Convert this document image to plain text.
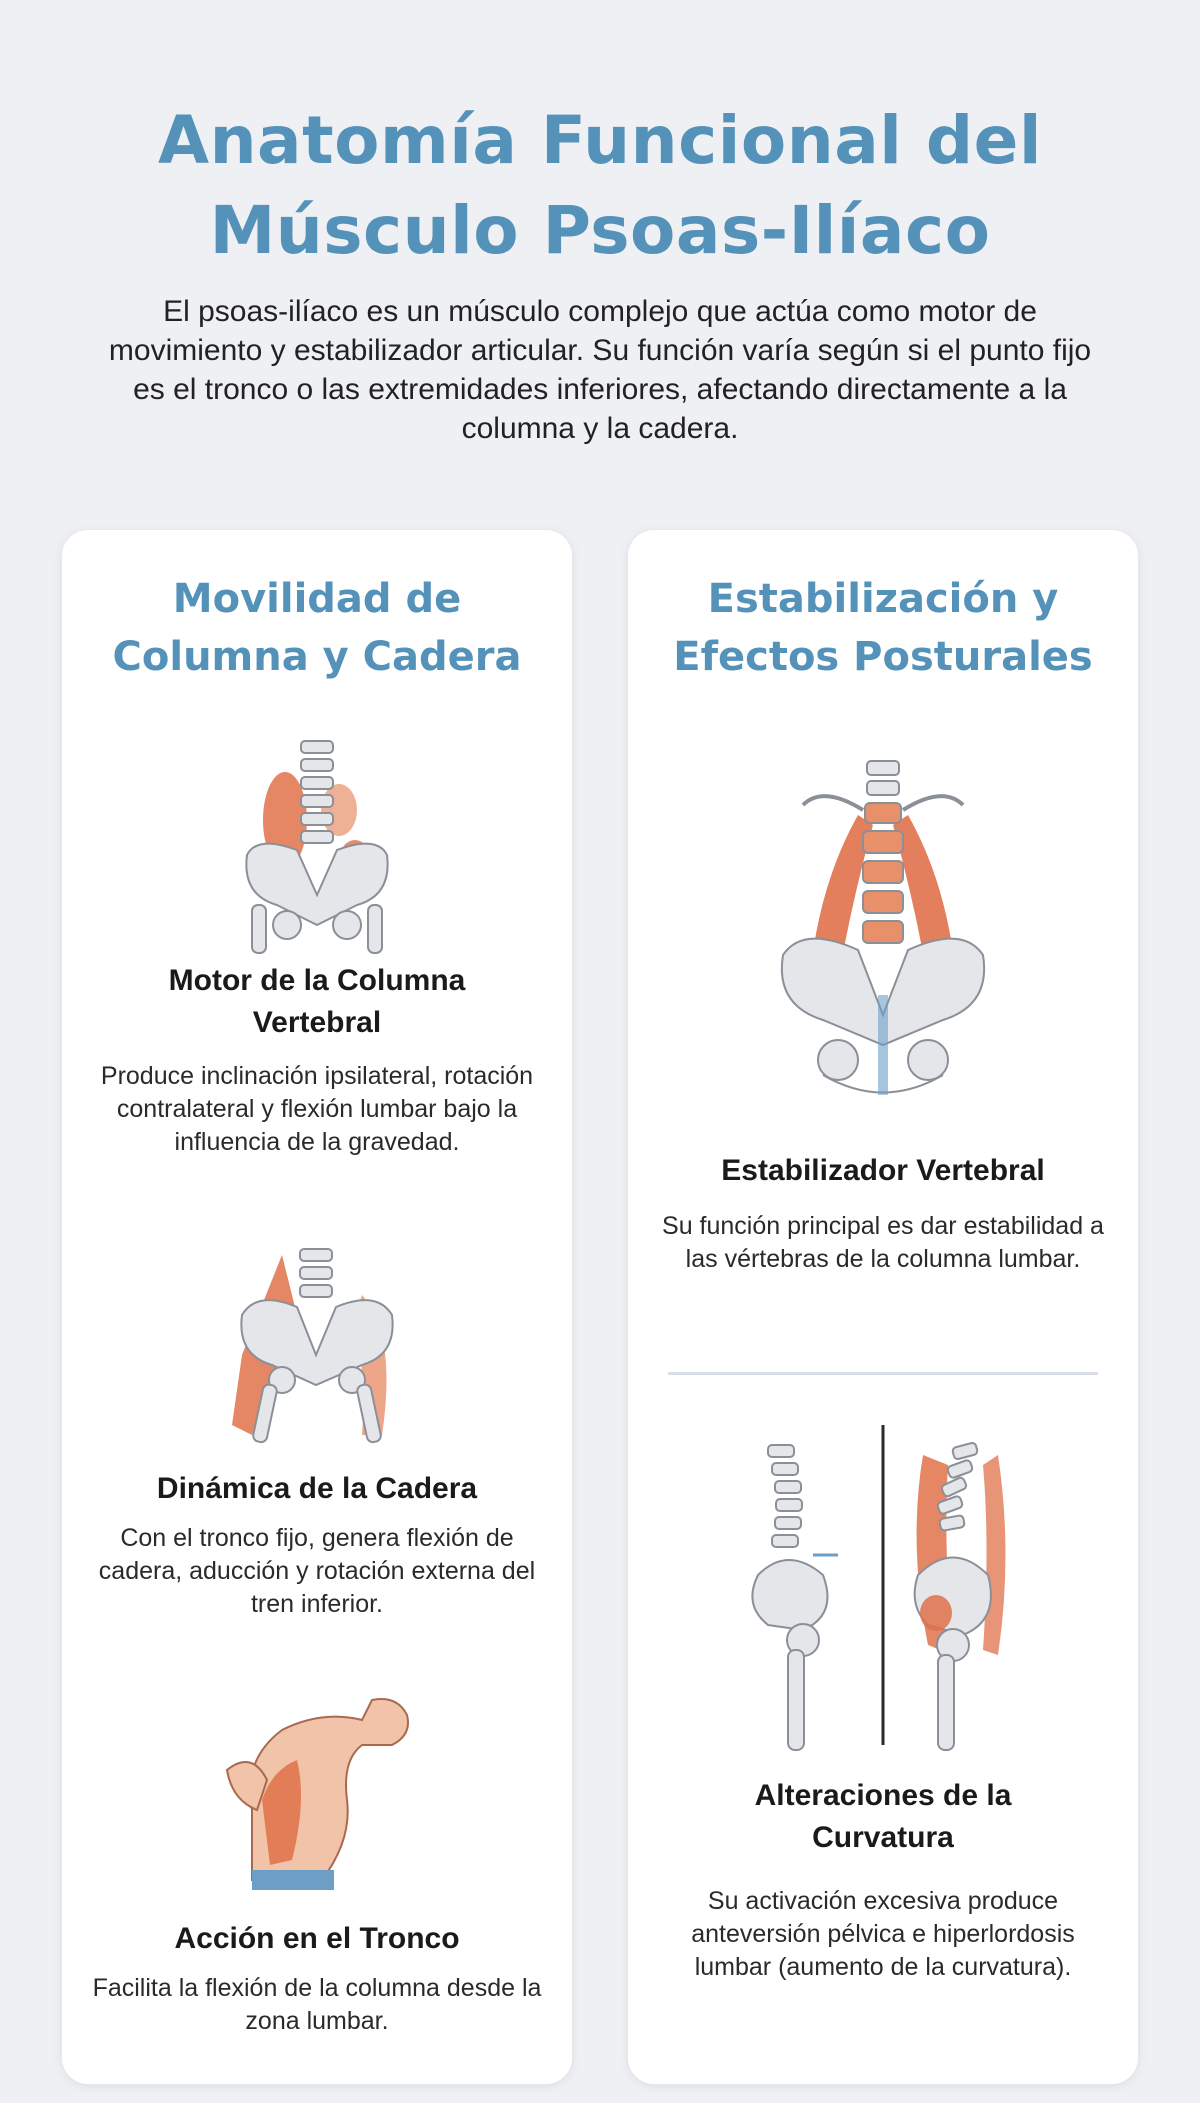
Anatomía Funcional del
Músculo Psoas-Ilíaco

El psoas-ilíaco es un músculo complejo que actúa como motor de movimiento y estabilizador articular. Su función varía según si el punto fijo es el tronco o las extremidades inferiores, afectando directamente a la columna y la cadera.

Movilidad de
Columna y Cadera
Motor de la Columna
Vertebral

Produce inclinación ipsilateral, rotación contralateral y flexión lumbar bajo la influencia de la gravedad.

Dinámica de la Cadera

Con el tronco fijo, genera flexión de cadera, aducción y rotación externa del tren inferior.

Acción en el Tronco

Facilita la flexión de la columna desde la zona lumbar.

Estabilización y
Efectos Posturales
Estabilizador Vertebral

Su función principal es dar estabilidad a las vértebras de la columna lumbar.

Alteraciones de la
Curvatura

Su activación excesiva produce anteversión pélvica e hiperlordosis lumbar (aumento de la curvatura).
